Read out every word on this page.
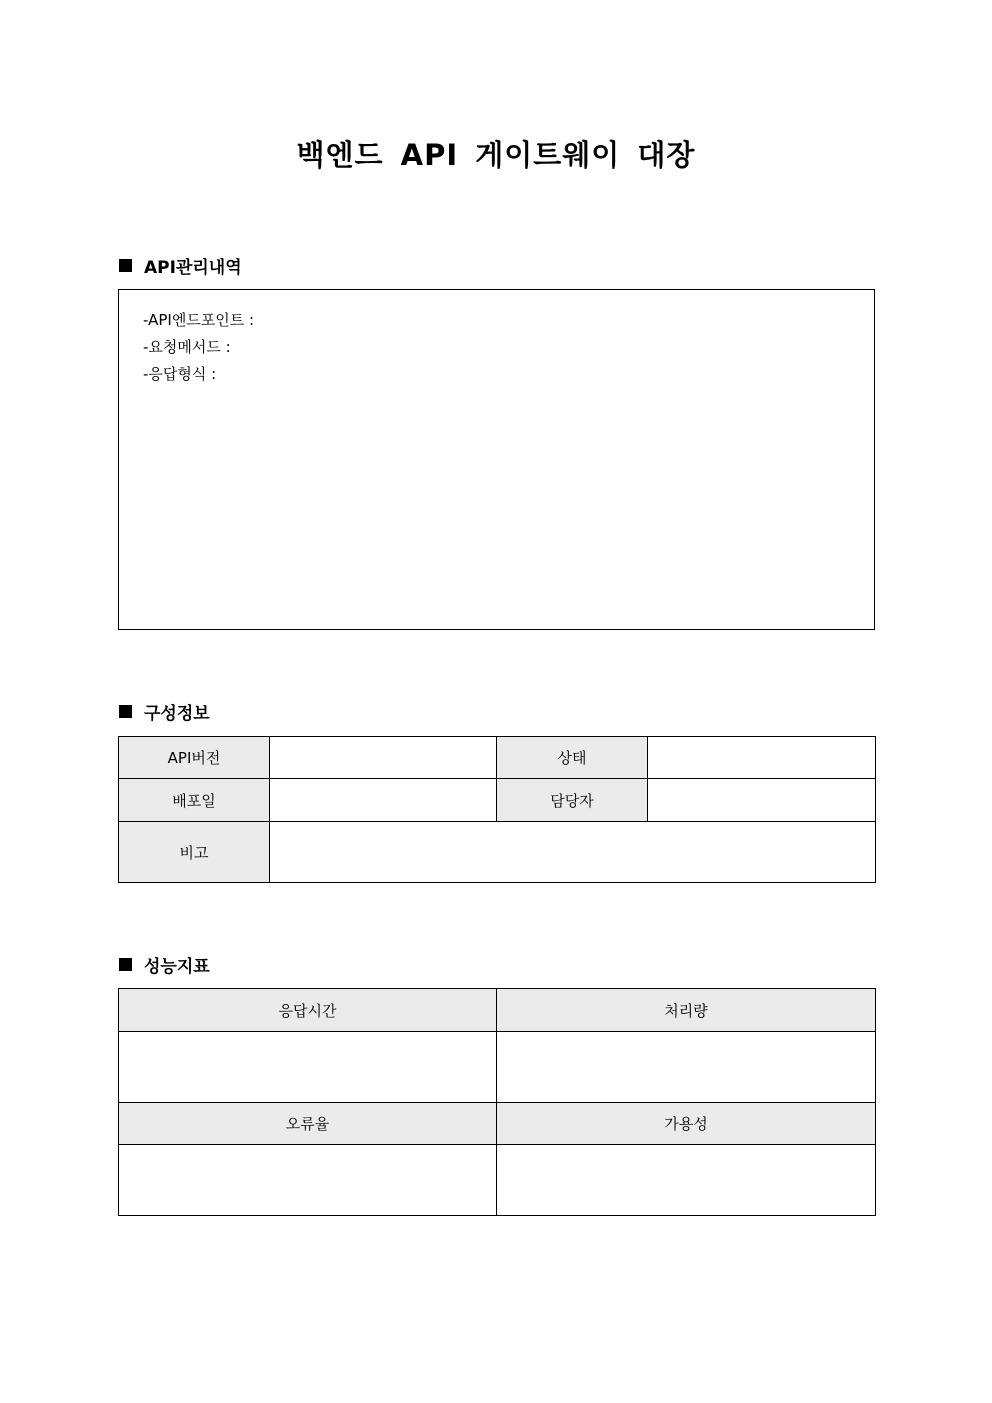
백엔드 API 게이트웨이 대장
API관리내역
-API엔드포인트 :
-요청메서드 :
-응답형식 :
구성정보
API버전		상태	
배포일		담당자	
비고			
성능지표
응답시간	처리량

오류율	가용성
